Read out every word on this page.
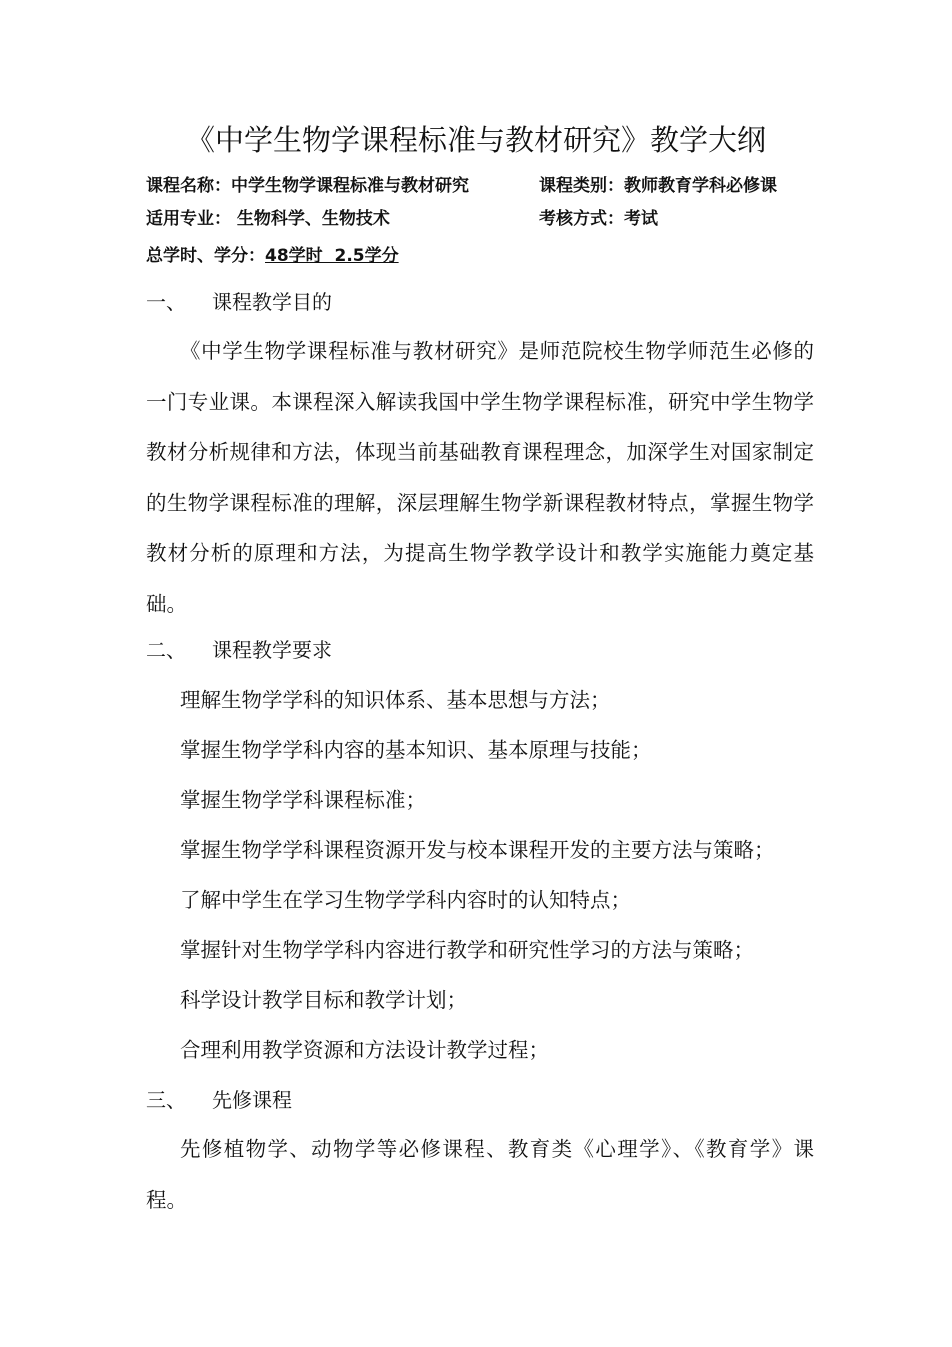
《中学生物学课程标准与教材研究》教学大纲
课程名称：中学生物学课程标准与教材研究	课程类别：教师教育学科必修课
适用专业： 生物科学、生物技术	考核方式：考试
总学时、学分：48学时  2.5学分
一、 课程教学目的

《中学生物学课程标准与教材研究》是师范院校生物学师范生必修的一门专业课。本课程深入解读我国中学生物学课程标准，研究中学生物学教材分析规律和方法，体现当前基础教育课程理念，加深学生对国家制定的生物学课程标准的理解，深层理解生物学新课程教材特点，掌握生物学教材分析的原理和方法，为提高生物学教学设计和教学实施能力奠定基础。

二、 课程教学要求

理解生物学学科的知识体系、基本思想与方法；

掌握生物学学科内容的基本知识、基本原理与技能；

掌握生物学学科课程标准；

掌握生物学学科课程资源开发与校本课程开发的主要方法与策略；

了解中学生在学习生物学学科内容时的认知特点；

掌握针对生物学学科内容进行教学和研究性学习的方法与策略；

科学设计教学目标和教学计划；

合理利用教学资源和方法设计教学过程；

三、 先修课程

先修植物学、动物学等必修课程、教育类《心理学》、《教育学》课程。
